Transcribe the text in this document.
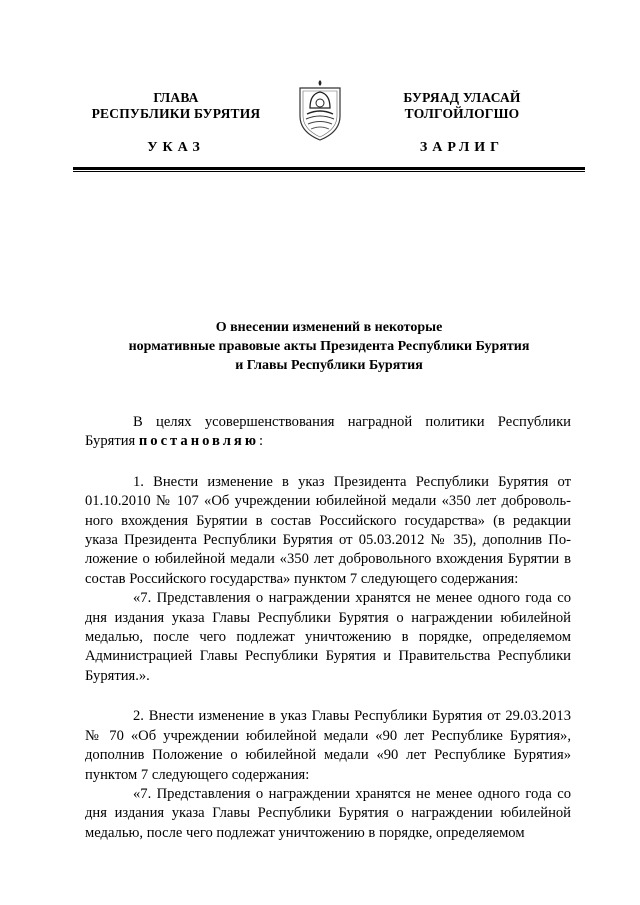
ГЛАВА
РЕСПУБЛИКИ БУРЯТИЯ
БУРЯАД УЛАСАЙ
ТОЛГОЙЛОГШО
УКАЗ	ЗАРЛИГ
О внесении изменений в некоторые
нормативные правовые акты Президента Республики Бурятия
и Главы Республики Бурятия

В целях усовершенствования наградной политики Республики Бурятия постановляю:

1. Внести изменение в указ Президента Республики Бурятия от 01.10.2010 № 107 «Об учреждении юбилейной медали «350 лет добровольного вхождения Бурятии в состав Российского государства» (в редакции указа Президента Республики Бурятия от 05.03.2012 № 35), дополнив Положение о юбилейной медали «350 лет добровольного вхождения Бурятии в состав Российского государства» пунктом 7 следующего содержания:

«7. Представления о награждении хранятся не менее одного года со дня издания указа Главы Республики Бурятия о награждении юбилейной медалью, после чего подлежат уничтожению в порядке, определяемом Администрацией Главы Республики Бурятия и Правительства Республики Бурятия.».

2. Внести изменение в указ Главы Республики Бурятия от 29.03.2013 № 70 «Об учреждении юбилейной медали «90 лет Республике Бурятия», дополнив Положение о юбилейной медали «90 лет Республике Бурятия» пунктом 7 следующего содержания:

«7. Представления о награждении хранятся не менее одного года со дня издания указа Главы Республики Бурятия о награждении юбилейной медалью, после чего подлежат уничтожению в порядке, определяемом
